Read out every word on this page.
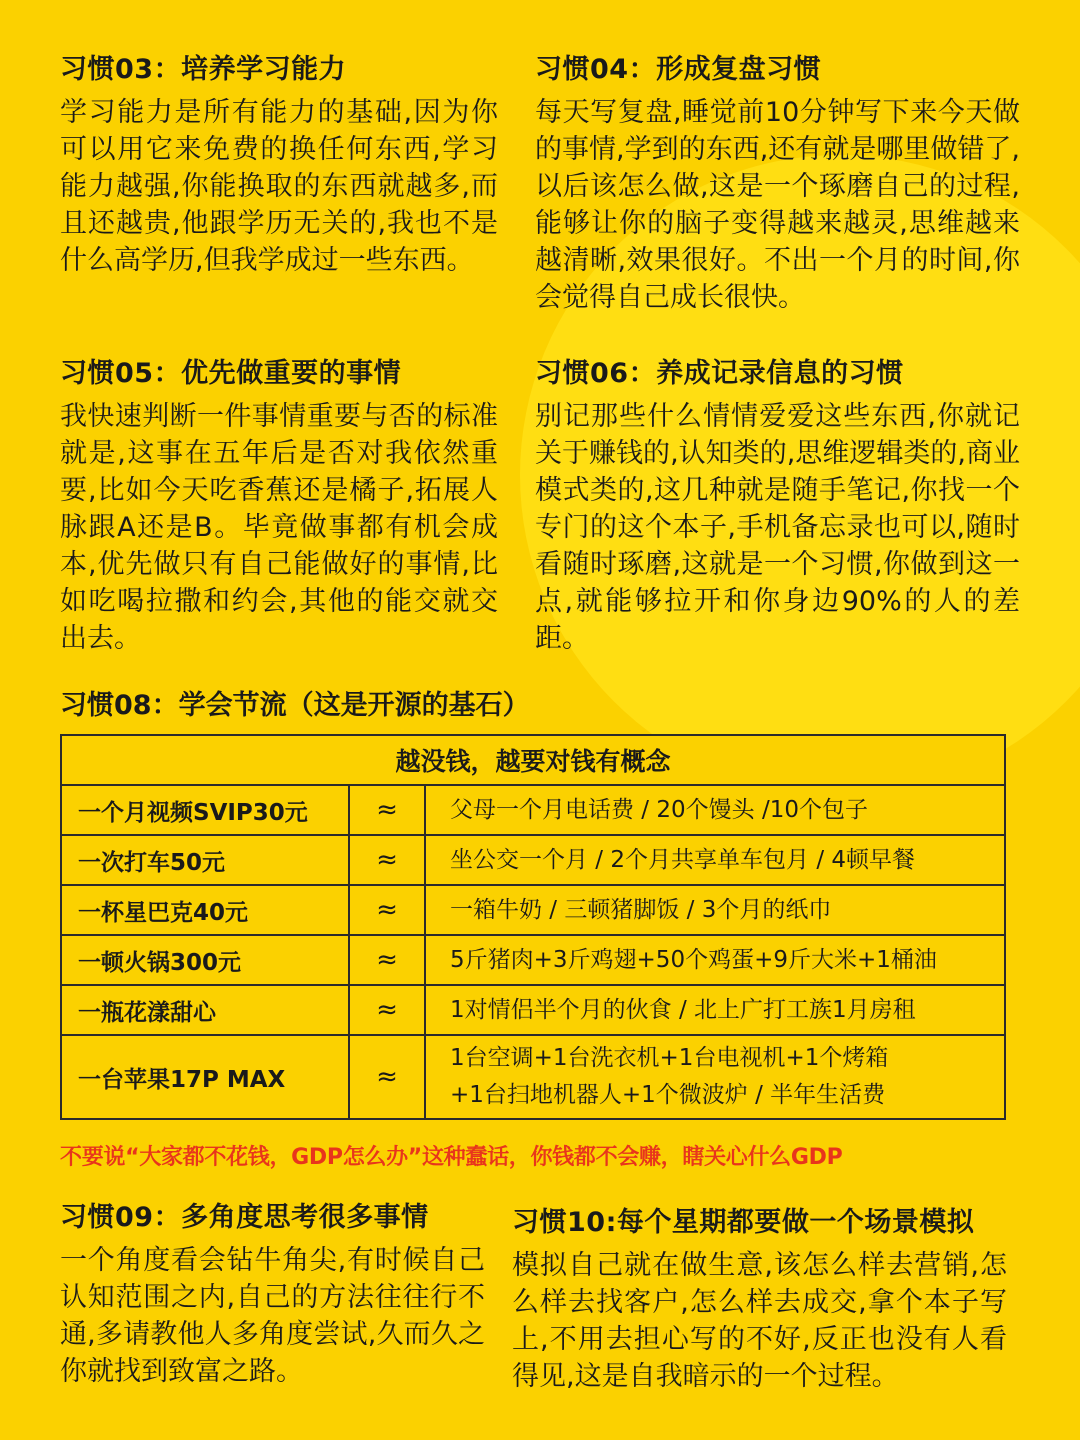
习惯03：培养学习能力

学习能力是所有能力的基础,因为你可以用它来免费的换任何东西,学习能力越强,你能换取的东西就越多,而且还越贵,他跟学历无关的,我也不是什么高学历,但我学成过一些东西。

习惯04：形成复盘习惯

每天写复盘,睡觉前10分钟写下来今天做的事情,学到的东西,还有就是哪里做错了,以后该怎么做,这是一个琢磨自己的过程,能够让你的脑子变得越来越灵,思维越来越清晰,效果很好。不出一个月的时间,你会觉得自己成长很快。

习惯05：优先做重要的事情

我快速判断一件事情重要与否的标准就是,这事在五年后是否对我依然重要,比如今天吃香蕉还是橘子,拓展人脉跟A还是B。毕竟做事都有机会成本,优先做只有自己能做好的事情,比如吃喝拉撒和约会,其他的能交就交出去。

习惯06：养成记录信息的习惯

别记那些什么情情爱爱这些东西,你就记关于赚钱的,认知类的,思维逻辑类的,商业模式类的,这几种就是随手笔记,你找一个专门的这个本子,手机备忘录也可以,随时看随时琢磨,这就是一个习惯,你做到这一点,就能够拉开和你身边90%的人的差距。

习惯08：学会节流（这是开源的基石）
越没钱，越要对钱有概念		
一个月视频SVIP30元	≈	父母一个月电话费 / 20个馒头 /10个包子
一次打车50元	≈	坐公交一个月 / 2个月共享单车包月 / 4顿早餐
一杯星巴克40元	≈	一箱牛奶 / 三顿猪脚饭 / 3个月的纸巾
一顿火锅300元	≈	5斤猪肉+3斤鸡翅+50个鸡蛋+9斤大米+1桶油
一瓶花漾甜心	≈	1对情侣半个月的伙食 / 北上广打工族1月房租
一台苹果17P MAX	≈	1台空调+1台洗衣机+1台电视机+1个烤箱
+1台扫地机器人+1个微波炉 / 半年生活费

不要说“大家都不花钱，GDP怎么办”这种蠢话，你钱都不会赚，瞎关心什么GDP

习惯09：多角度思考很多事情

一个角度看会钻牛角尖,有时候自己认知范围之内,自己的方法往往行不通,多请教他人多角度尝试,久而久之你就找到致富之路。

习惯10:每个星期都要做一个场景模拟

模拟自己就在做生意,该怎么样去营销,怎么样去找客户,怎么样去成交,拿个本子写上,不用去担心写的不好,反正也没有人看得见,这是自我暗示的一个过程。
